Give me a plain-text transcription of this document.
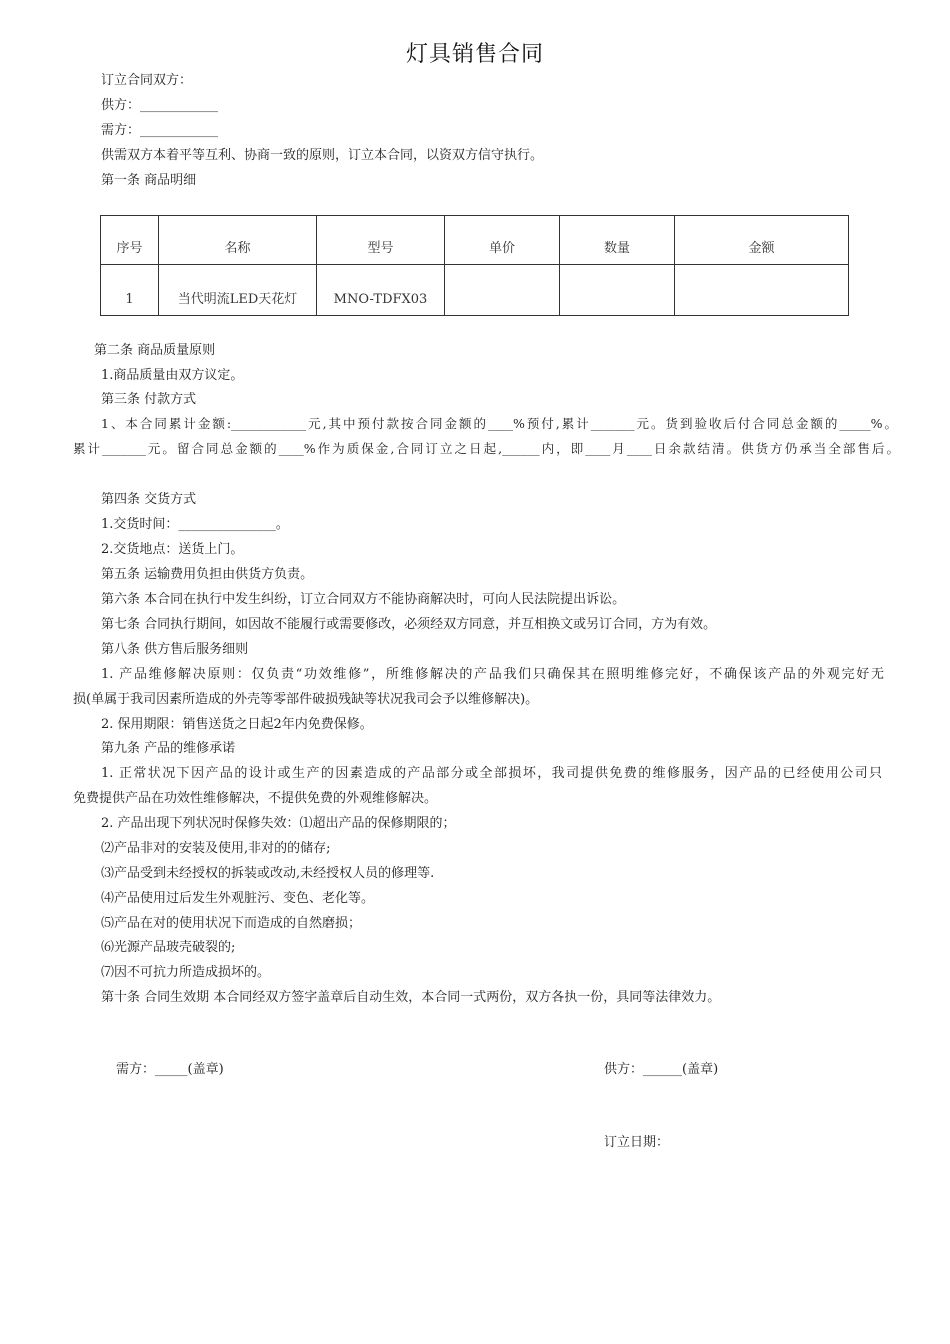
灯具销售合同
订立合同双方：
供方：____________
需方：____________
供需双方本着平等互利、协商一致的原则，订立本合同，以资双方信守执行。
第一条 商品明细
序号	名称	型号	单价	数量	金额
1	当代明流LED天花灯	MNO-TDFX03			
第二条 商品质量原则
1.商品质量由双方议定。
第三条 付款方式
1、本合同累计金额:____________元,其中预付款按合同金额的____%预付,累计_______元。货到验收后付合同总金额的_____%。
累计_______元。留合同总金额的____%作为质保金,合同订立之日起,______内，即____月____日余款结清。供货方仍承当全部售后。
第四条 交货方式
1.交货时间：_______________。
2.交货地点：送货上门。
第五条 运输费用负担由供货方负责。
第六条 本合同在执行中发生纠纷，订立合同双方不能协商解决时，可向人民法院提出诉讼。
第七条 合同执行期间，如因故不能履行或需要修改，必须经双方同意，并互相换文或另订合同，方为有效。
第八条 供方售后服务细则
1. 产品维修解决原则：仅负责“功效维修”，所维修解决的产品我们只确保其在照明维修完好，不确保该产品的外观完好无
损(单属于我司因素所造成的外壳等零部件破损残缺等状况我司会予以维修解决)。
2. 保用期限：销售送货之日起2年内免费保修。
第九条 产品的维修承诺
1. 正常状况下因产品的设计或生产的因素造成的产品部分或全部损坏，我司提供免费的维修服务，因产品的已经使用公司只
免费提供产品在功效性维修解决，不提供免费的外观维修解决。
2. 产品出现下列状况时保修失效：⑴超出产品的保修期限的；
⑵产品非对的安装及使用,非对的的储存;
⑶产品受到未经授权的拆装或改动,未经授权人员的修理等.
⑷产品使用过后发生外观脏污、变色、老化等。
⑸产品在对的使用状况下而造成的自然磨损；
⑹光源产品玻壳破裂的;
⑺因不可抗力所造成损坏的。
第十条 合同生效期 本合同经双方签字盖章后自动生效，本合同一式两份，双方各执一份，具同等法律效力。
需方：_____(盖章)	供方：______(盖章)
订立日期：
